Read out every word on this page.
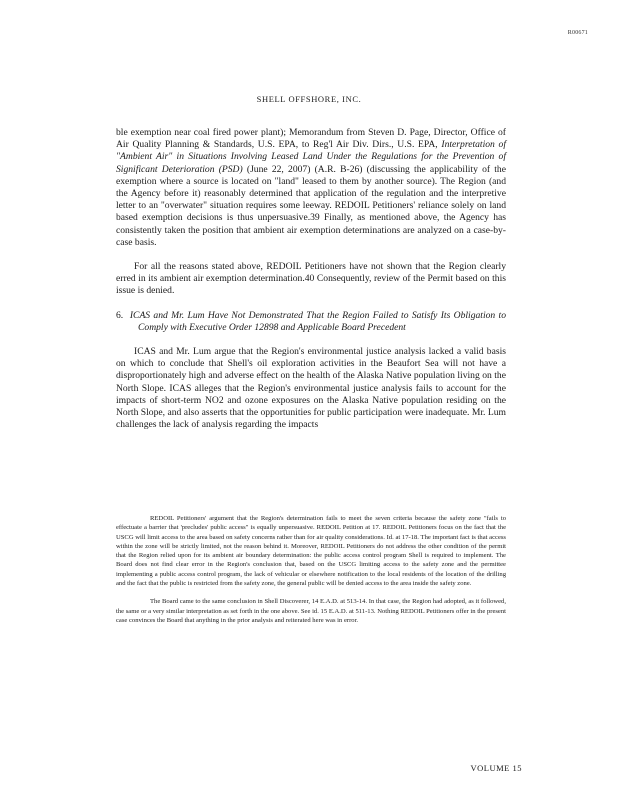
R00671
SHELL OFFSHORE, INC.

ble exemption near coal fired power plant); Memorandum from Steven D. Page, Director, Office of Air Quality Planning & Standards, U.S. EPA, to Reg'l Air Div. Dirs., U.S. EPA, Interpretation of "Ambient Air" in Situations Involving Leased Land Under the Regulations for the Prevention of Significant Deterioration (PSD) (June 22, 2007) (A.R. B-26) (discussing the applicability of the exemption where a source is located on "land" leased to them by another source). The Region (and the Agency before it) reasonably determined that application of the regulation and the interpretive letter to an "overwater" situation requires some leeway. REDOIL Petitioners' reliance solely on land based exemption decisions is thus unpersuasive.39 Finally, as mentioned above, the Agency has consistently taken the position that ambient air exemption determinations are analyzed on a case-by-case basis.

For all the reasons stated above, REDOIL Petitioners have not shown that the Region clearly erred in its ambient air exemption determination.40 Consequently, review of the Permit based on this issue is denied.

6. ICAS and Mr. Lum Have Not Demonstrated That the Region Failed to Satisfy Its Obligation to Comply with Executive Order 12898 and Applicable Board Precedent

ICAS and Mr. Lum argue that the Region's environmental justice analysis lacked a valid basis on which to conclude that Shell's oil exploration activities in the Beaufort Sea will not have a disproportionately high and adverse effect on the health of the Alaska Native population living on the North Slope. ICAS alleges that the Region's environmental justice analysis fails to account for the impacts of short-term NO2 and ozone exposures on the Alaska Native population residing on the North Slope, and also asserts that the opportunities for public participation were inadequate. Mr. Lum challenges the lack of analysis regarding the impacts

REDOIL Petitioners' argument that the Region's determination fails to meet the seven criteria because the safety zone "fails to effectuate a barrier that 'precludes' public access" is equally unpersuasive. REDOIL Petition at 17. REDOIL Petitioners focus on the fact that the USCG will limit access to the area based on safety concerns rather than for air quality considerations. Id. at 17-18. The important fact is that access within the zone will be strictly limited, not the reason behind it. Moreover, REDOIL Petitioners do not address the other condition of the permit that the Region relied upon for its ambient air boundary determination: the public access control program Shell is required to implement. The Board does not find clear error in the Region's conclusion that, based on the USCG limiting access to the safety zone and the permittee implementing a public access control program, the lack of vehicular or elsewhere notification to the local residents of the location of the drilling and the fact that the public is restricted from the safety zone, the general public will be denied access to the area inside the safety zone.

The Board came to the same conclusion in Shell Discoverer, 14 E.A.D. at 513-14. In that case, the Region had adopted, as it followed, the same or a very similar interpretation as set forth in the one above. See id. 15 E.A.D. at 511-13. Nothing REDOIL Petitioners offer in the present case convinces the Board that anything in the prior analysis and reiterated here was in error.

VOLUME 15
